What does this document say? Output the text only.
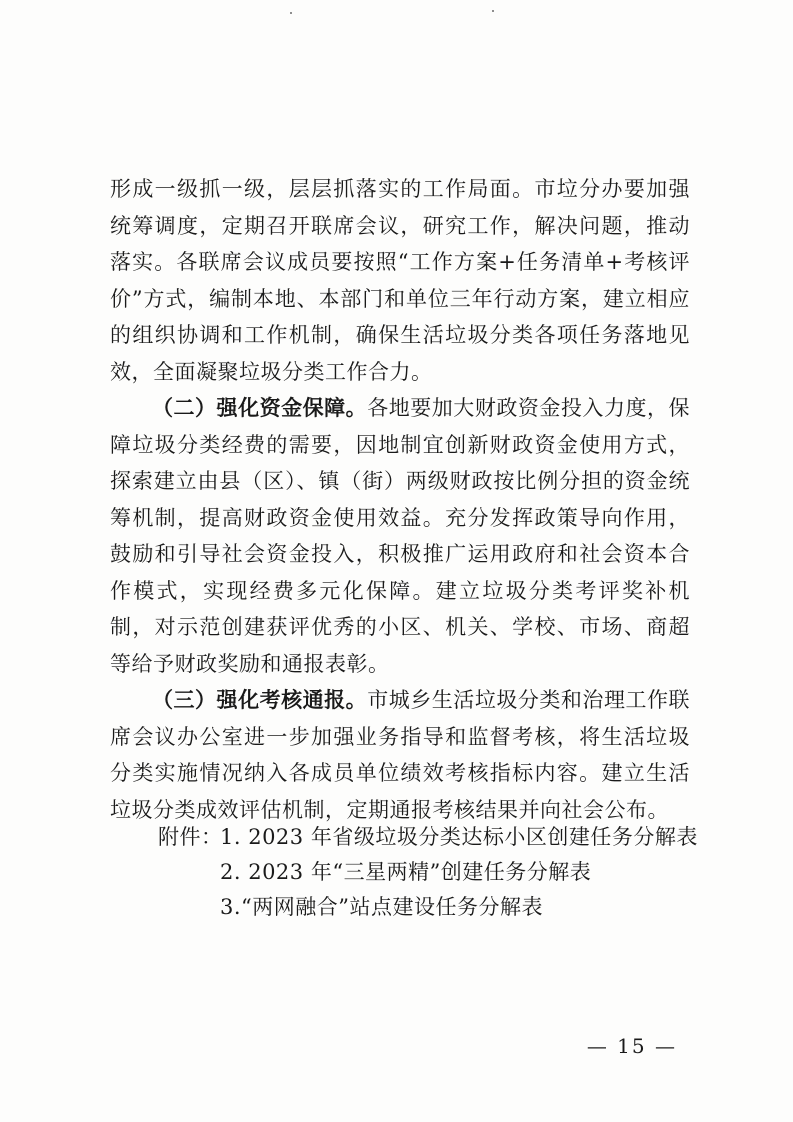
形成一级抓一级，层层抓落实的工作局面。市垃分办要加强统筹调度，定期召开联席会议，研究工作，解决问题，推动落实。各联席会议成员要按照“工作方案+任务清单+考核评价”方式，编制本地、本部门和单位三年行动方案，建立相应的组织协调和工作机制，确保生活垃圾分类各项任务落地见效，全面凝聚垃圾分类工作合力。

（二）强化资金保障。各地要加大财政资金投入力度，保障垃圾分类经费的需要，因地制宜创新财政资金使用方式，探索建立由县（区）、镇（街）两级财政按比例分担的资金统筹机制，提高财政资金使用效益。充分发挥政策导向作用，鼓励和引导社会资金投入，积极推广运用政府和社会资本合作模式，实现经费多元化保障。建立垃圾分类考评奖补机制，对示范创建获评优秀的小区、机关、学校、市场、商超等给予财政奖励和通报表彰。

（三）强化考核通报。市城乡生活垃圾分类和治理工作联席会议办公室进一步加强业务指导和监督考核，将生活垃圾分类实施情况纳入各成员单位绩效考核指标内容。建立生活垃圾分类成效评估机制，定期通报考核结果并向社会公布。

附件：
1. 2023 年省级垃圾分类达标小区创建任务分解表
2. 2023 年“三星两精”创建任务分解表
3.“两网融合”站点建设任务分解表
— 15 —
